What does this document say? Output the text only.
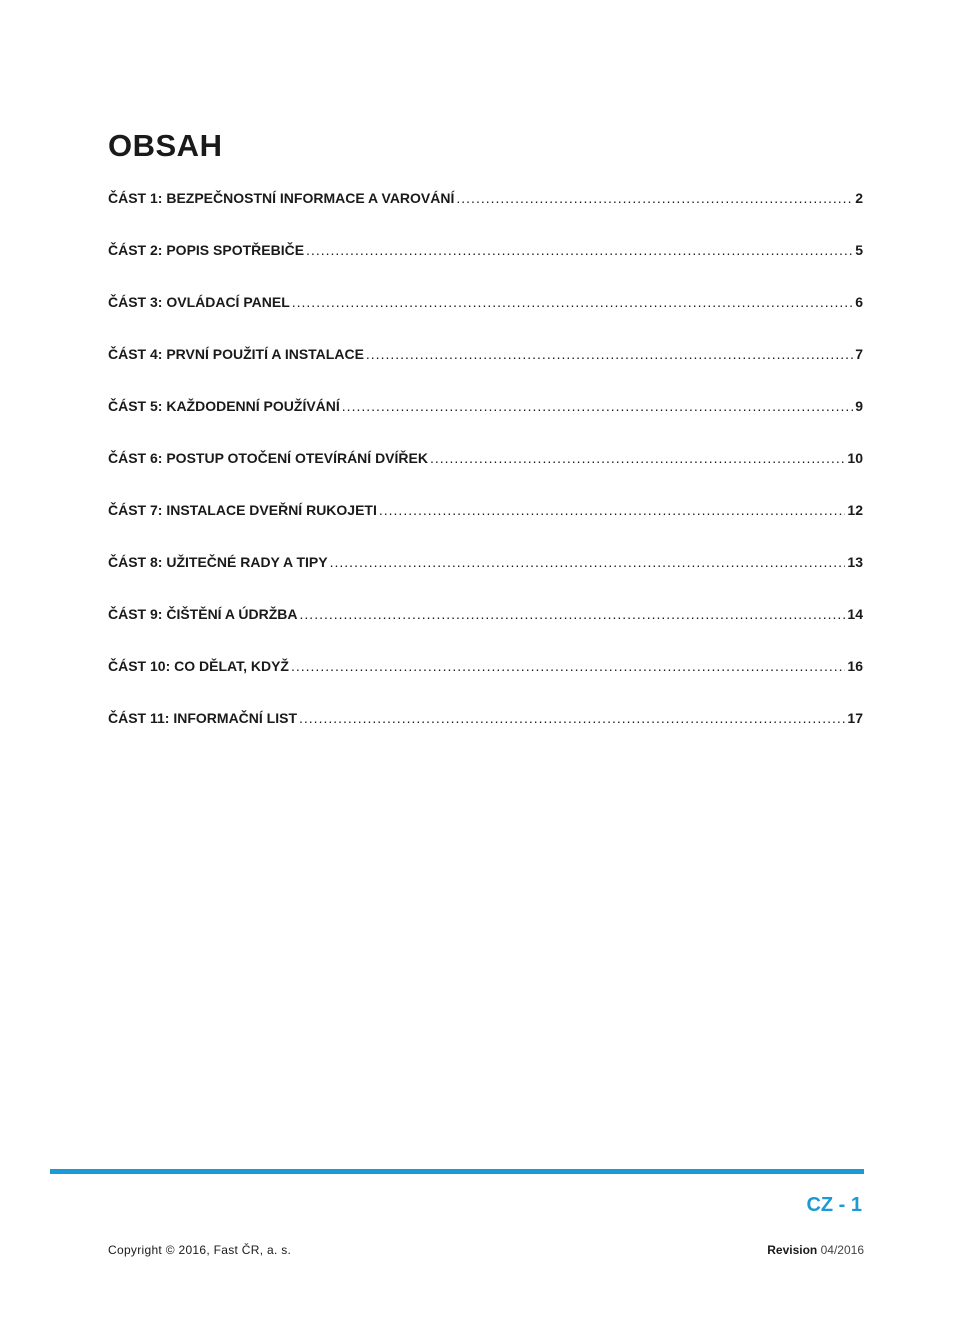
OBSAH
ČÁST 1: BEZPEČNOSTNÍ INFORMACE A VAROVÁNÍ .....	2
ČÁST 2: POPIS SPOTŘEBIČE .....	5
ČÁST 3: OVLÁDACÍ PANEL .....	6
ČÁST 4: PRVNÍ POUŽITÍ A INSTALACE .....	7
ČÁST 5: KAŽDODENNÍ POUŽÍVÁNÍ .....	9
ČÁST 6: POSTUP OTOČENÍ OTEVÍRÁNÍ DVÍŘEK .....	10
ČÁST 7: INSTALACE DVEŘNÍ RUKOJETI .....	12
ČÁST 8: UŽITEČNÉ RADY A TIPY .....	13
ČÁST 9: ČIŠTĚNÍ A ÚDRŽBA .....	14
ČÁST 10: CO DĚLAT, KDYŽ .....	16
ČÁST 11: INFORMAČNÍ LIST .....	17
CZ - 1
Copyright © 2016, Fast ČR, a. s.	Revision 04/2016
